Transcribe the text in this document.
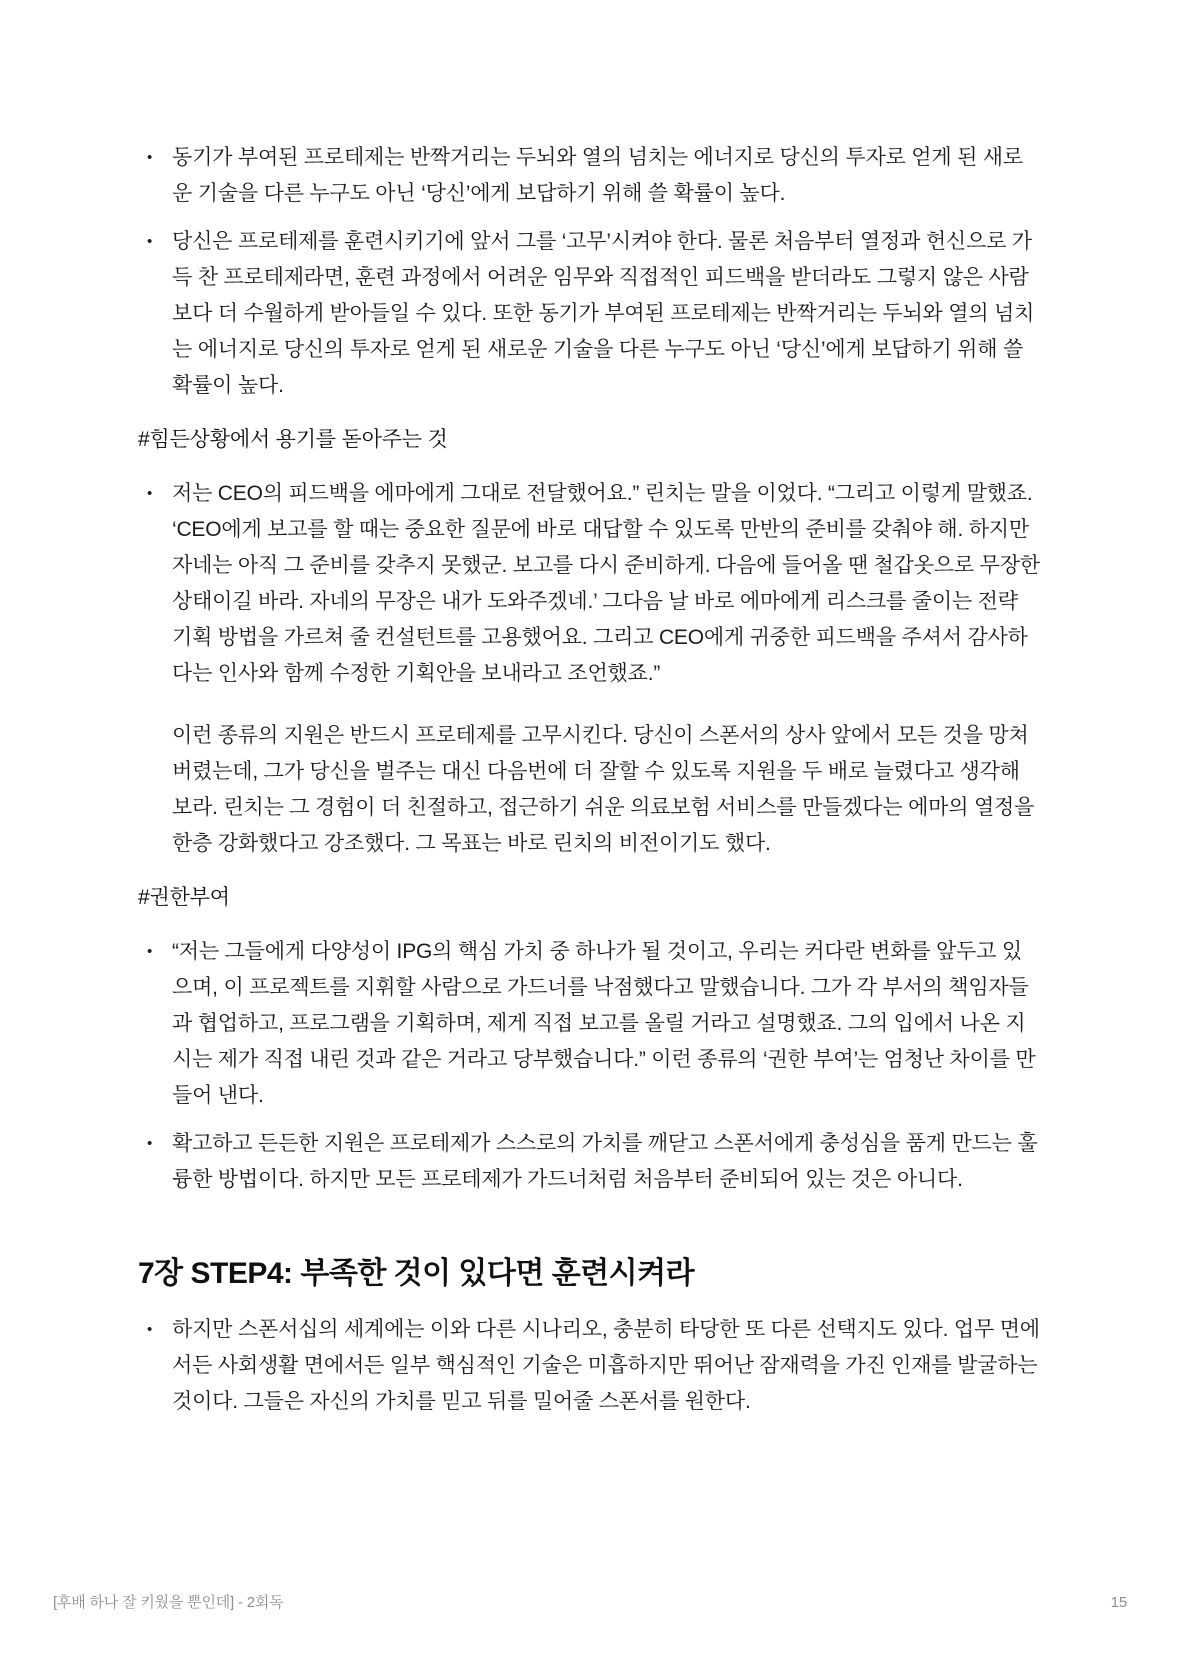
• 동기가 부여된 프로테제는 반짝거리는 두뇌와 열의 넘치는 에너지로 당신의 투자로 얻게 된 새로운 기술을 다른 누구도 아닌 ‘당신’에게 보답하기 위해 쓸 확률이 높다.

• 당신은 프로테제를 훈련시키기에 앞서 그를 ‘고무’시켜야 한다. 물론 처음부터 열정과 헌신으로 가득 찬 프로테제라면, 훈련 과정에서 어려운 임무와 직접적인 피드백을 받더라도 그렇지 않은 사람보다 더 수월하게 받아들일 수 있다. 또한 동기가 부여된 프로테제는 반짝거리는 두뇌와 열의 넘치는 에너지로 당신의 투자로 얻게 된 새로운 기술을 다른 누구도 아닌 ‘당신’에게 보답하기 위해 쓸 확률이 높다.

#힘든상황에서 용기를 돋아주는 것
• 저는 CEO의 피드백을 에마에게 그대로 전달했어요.” 린치는 말을 이었다. “그리고 이렇게 말했죠. ‘CEO에게 보고를 할 때는 중요한 질문에 바로 대답할 수 있도록 만반의 준비를 갖춰야 해. 하지만 자네는 아직 그 준비를 갖추지 못했군. 보고를 다시 준비하게. 다음에 들어올 땐 철갑옷으로 무장한 상태이길 바라. 자네의 무장은 내가 도와주겠네.’ 그다음 날 바로 에마에게 리스크를 줄이는 전략 기획 방법을 가르쳐 줄 컨설턴트를 고용했어요. 그리고 CEO에게 귀중한 피드백을 주셔서 감사하다는 인사와 함께 수정한 기획안을 보내라고 조언했죠.”

이런 종류의 지원은 반드시 프로테제를 고무시킨다. 당신이 스폰서의 상사 앞에서 모든 것을 망쳐 버렸는데, 그가 당신을 벌주는 대신 다음번에 더 잘할 수 있도록 지원을 두 배로 늘렸다고 생각해 보라. 린치는 그 경험이 더 친절하고, 접근하기 쉬운 의료보험 서비스를 만들겠다는 에마의 열정을 한층 강화했다고 강조했다. 그 목표는 바로 린치의 비전이기도 했다.

#권한부여
• “저는 그들에게 다양성이 IPG의 핵심 가치 중 하나가 될 것이고, 우리는 커다란 변화를 앞두고 있으며, 이 프로젝트를 지휘할 사람으로 가드너를 낙점했다고 말했습니다. 그가 각 부서의 책임자들과 협업하고, 프로그램을 기획하며, 제게 직접 보고를 올릴 거라고 설명했죠. 그의 입에서 나온 지시는 제가 직접 내린 것과 같은 거라고 당부했습니다.” 이런 종류의 ‘권한 부여’는 엄청난 차이를 만들어 낸다.

• 확고하고 든든한 지원은 프로테제가 스스로의 가치를 깨닫고 스폰서에게 충성심을 품게 만드는 훌륭한 방법이다. 하지만 모든 프로테제가 가드너처럼 처음부터 준비되어 있는 것은 아니다.

7장 STEP4: 부족한 것이 있다면 훈련시켜라
• 하지만 스폰서십의 세계에는 이와 다른 시나리오, 충분히 타당한 또 다른 선택지도 있다. 업무 면에서든 사회생활 면에서든 일부 핵심적인 기술은 미흡하지만 뛰어난 잠재력을 가진 인재를 발굴하는 것이다. 그들은 자신의 가치를 믿고 뒤를 밀어줄 스폰서를 원한다.

[후배 하나 잘 키웠을 뿐인데] - 2회독	15
